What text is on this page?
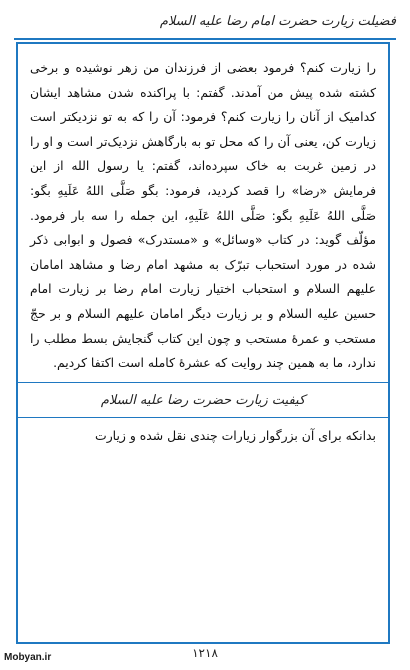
فضیلت زیارت حضرت امام رضا علیه السلام

را زیارت کنم؟ فرمود بعضی از فرزندان من زهر نوشیده و برخی کشته شده پیش من آمدند. گفتم: با پراکنده شدن مشاهد ایشان کدامیک از آنان را زیارت کنم؟ فرمود: آن را که به تو نزدیکتر است زیارت کن، یعنی آن را که محل تو به بارگاهش نزدیک‌تر است و او را در زمین غربت به خاک سپرده‌اند، گفتم: یا رسول الله از این فرمایش «رضا» را قصد کردید، فرمود: بگو صَلَّی اللهُ عَلَیهِ بگو: صَلَّی اللهُ عَلَیهِ بگو: صَلَّی اللهُ عَلَیهِ، این جمله را سه بار فرمود. مؤلّف گوید: در کتاب «وسائل» و «مستدرک» فصول و ابوابی ذکر شده در مورد استحباب تبرّک به مشهد امام رضا و مشاهد امامان علیهم السلام و استحباب اختیار زیارت امام رضا بر زیارت امام حسین علیه السلام و بر زیارت دیگر امامان علیهم السلام و بر حجّ مستحب و عمرهٔ مستحب و چون این کتاب گنجایش بسط مطلب را ندارد، ما به همین چند روایت که عشرهٔ کامله است اکتفا کردیم.

کیفیت زیارت حضرت رضا علیه السلام

بدانکه برای آن بزرگوار زیارات چندی نقل شده و زیارت

۱۲۱۸
Mobyan.ir
